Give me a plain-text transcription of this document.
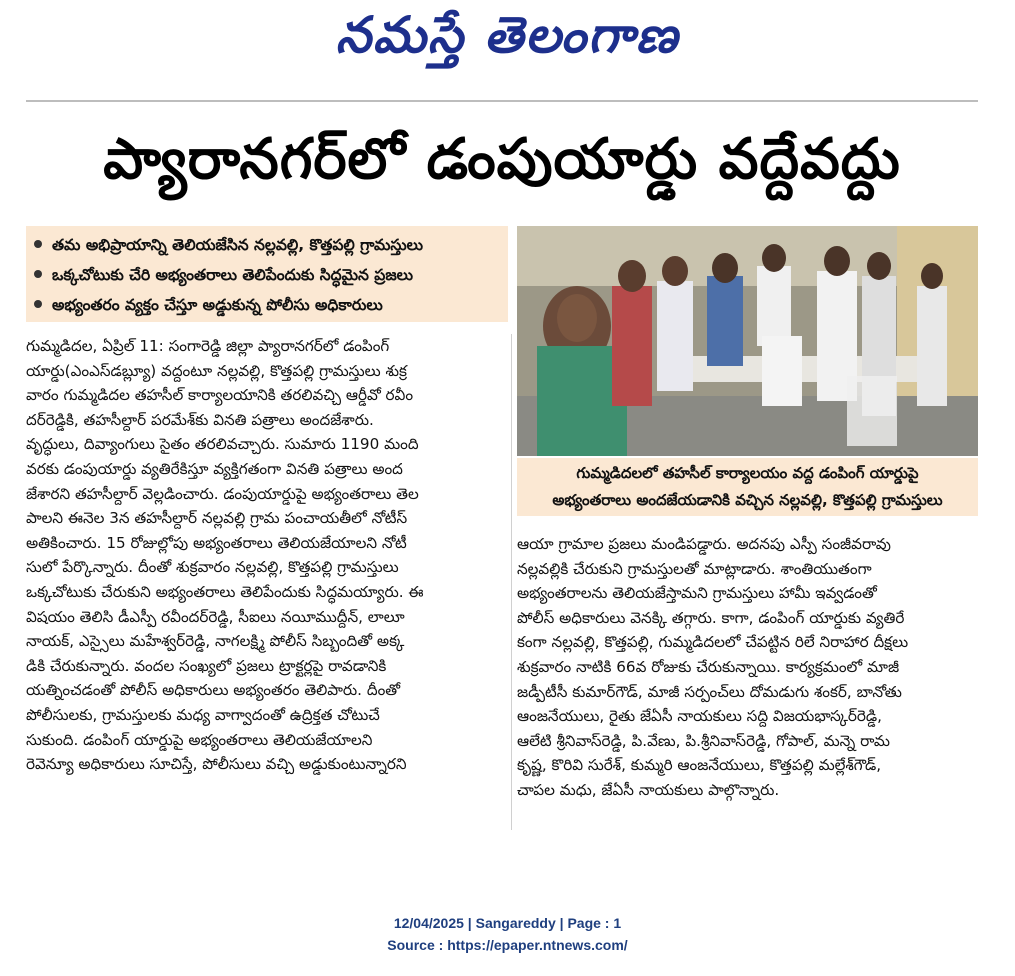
నమస్తే తెలంగాణ
ప్యారానగర్‌లో డంపుయార్డు వద్దేవద్దు
తమ అభిప్రాయాన్ని తెలియజేసిన నల్లవల్లి, కొత్తపల్లి గ్రామస్తులు
ఒక్కచోటుకు చేరి అభ్యంతరాలు తెలిపేందుకు సిద్ధమైన ప్రజలు
అభ్యంతరం వ్యక్తం చేస్తూ అడ్డుకున్న పోలీసు అధికారులు
గుమ్మడిదలలో తహసీల్ కార్యాలయం వద్ద డంపింగ్ యార్డుపై
అభ్యంతరాలు అందజేయడానికి వచ్చిన నల్లవల్లి, కొత్తపల్లి గ్రామస్తులు
గుమ్మడిదల, ఏప్రిల్ 11: సంగారెడ్డి జిల్లా ప్యారానగర్‌లో డంపింగ్
యార్డు(ఎంఎస్‌డబ్ల్యూ) వద్దంటూ నల్లవల్లి, కొత్తపల్లి గ్రామస్తులు శుక్ర
వారం గుమ్మడిదల తహసీల్ కార్యాలయానికి తరలివచ్చి ఆర్డీవో రవీం
దర్‌రెడ్డికి, తహసీల్దార్ పరమేశ్‌కు వినతి పత్రాలు అందజేశారు.
వృద్ధులు, దివ్యాంగులు సైతం తరలివచ్చారు. సుమారు 1190 మంది
వరకు డంపుయార్డు వ్యతిరేకిస్తూ వ్యక్తిగతంగా వినతి పత్రాలు అంద
జేశారని తహసీల్దార్ వెల్లడించారు. డంపుయార్డుపై అభ్యంతరాలు తెల
పాలని ఈనెల 3న తహసీల్దార్ నల్లవల్లి గ్రామ పంచాయతీలో నోటీస్
అతికించారు. 15 రోజుల్లోపు అభ్యంతరాలు తెలియజేయాలని నోటీ
సులో పేర్కొన్నారు. దీంతో శుక్రవారం నల్లవల్లి, కొత్తపల్లి గ్రామస్తులు
ఒక్కచోటుకు చేరుకుని అభ్యంతరాలు తెలిపేందుకు సిద్ధమయ్యారు. ఈ
విషయం తెలిసి డీఎస్పీ రవీందర్‌రెడ్డి, సీఐలు నయీముద్దీన్, లాలూ
నాయక్, ఎస్సైలు మహేశ్వర్‌రెడ్డి, నాగలక్ష్మి పోలీస్ సిబ్బందితో అక్క
డికి చేరుకున్నారు. వందల సంఖ్యలో ప్రజలు ట్రాక్టర్లపై రావడానికి
యత్నించడంతో పోలీస్ అధికారులు అభ్యంతరం తెలిపారు. దీంతో
పోలీసులకు, గ్రామస్తులకు మధ్య వాగ్వాదంతో ఉద్రిక్తత చోటుచే
సుకుంది. డంపింగ్ యార్డుపై అభ్యంతరాలు తెలియజేయాలని
రెవెన్యూ అధికారులు సూచిస్తే, పోలీసులు వచ్చి అడ్డుకుంటున్నారని
ఆయా గ్రామాల ప్రజలు మండిపడ్డారు. అదనపు ఎస్పీ సంజీవరావు
నల్లవల్లికి చేరుకుని గ్రామస్తులతో మాట్లాడారు. శాంతియుతంగా
అభ్యంతరాలను తెలియజేస్తామని గ్రామస్తులు హామీ ఇవ్వడంతో
పోలీస్ అధికారులు వెనక్కి తగ్గారు. కాగా, డంపింగ్ యార్డుకు వ్యతిరే
కంగా నల్లవల్లి, కొత్తపల్లి, గుమ్మడిదలలో చేపట్టిన రిలే నిరాహార దీక్షలు
శుక్రవారం నాటికి 66వ రోజుకు చేరుకున్నాయి. కార్యక్రమంలో మాజీ
జడ్పీటీసీ కుమార్‌గౌడ్, మాజీ సర్పంచ్‌లు దోమడుగు శంకర్, బానోతు
ఆంజనేయులు, రైతు జేఏసీ నాయకులు సద్ది విజయభాస్కర్‌రెడ్డి,
ఆలేటి శ్రీనివాస్‌రెడ్డి, పి.వేణు, పి.శ్రీనివాస్‌రెడ్డి, గోపాల్, మన్నె రామ
కృష్ణ, కొరివి సురేశ్, కుమ్మరి ఆంజనేయులు, కొత్తపల్లి మల్లేశ్‌గౌడ్,
చాపల మధు, జేఏసీ నాయకులు పాల్గొన్నారు.
12/04/2025 | Sangareddy | Page : 1
Source : https://epaper.ntnews.com/
